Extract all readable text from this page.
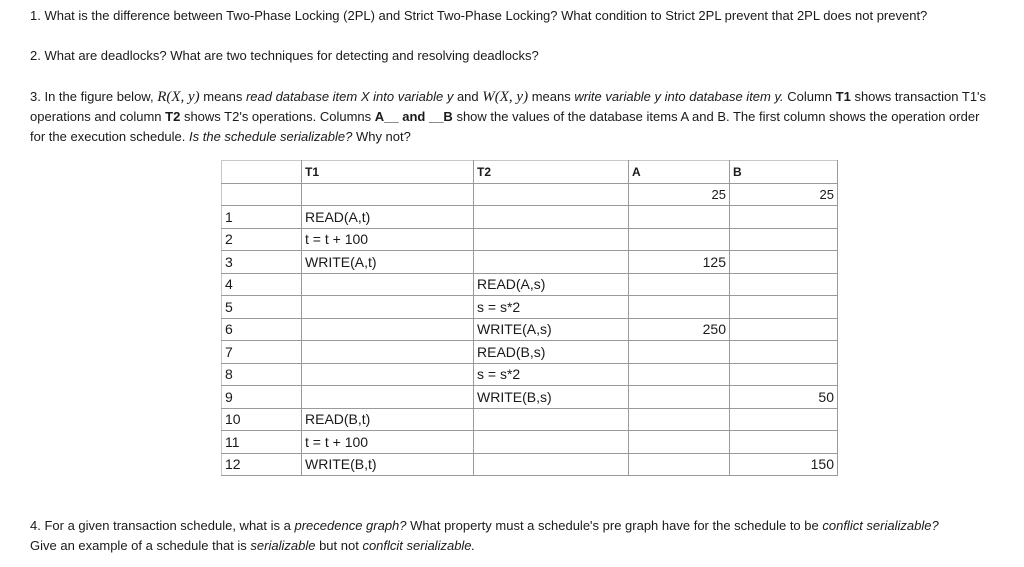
1. What is the difference between Two-Phase Locking (2PL) and Strict Two-Phase Locking? What condition to Strict 2PL prevent that 2PL does not prevent?
2. What are deadlocks? What are two techniques for detecting and resolving deadlocks?
3. In the figure below, R(X, y) means read database item X into variable y and W(X, y) means write variable y into database item y. Column T1 shows transaction T1's operations and column T2 shows T2's operations. Columns A__ and __B show the values of the database items A and B. The first column shows the operation order for the execution schedule. Is the schedule serializable? Why not?
	T1	T2	A	B
			25	25
1	READ(A,t)			
2	t = t + 100			
3	WRITE(A,t)		125	
4		READ(A,s)		
5		s = s*2		
6		WRITE(A,s)	250	
7		READ(B,s)		
8		s = s*2		
9		WRITE(B,s)		50
10	READ(B,t)			
11	t = t + 100			
12	WRITE(B,t)			150
4. For a given transaction schedule, what is a precedence graph? What property must a schedule's pre graph have for the schedule to be conflict serializable? Give an example of a schedule that is serializable but not conflcit serializable.
